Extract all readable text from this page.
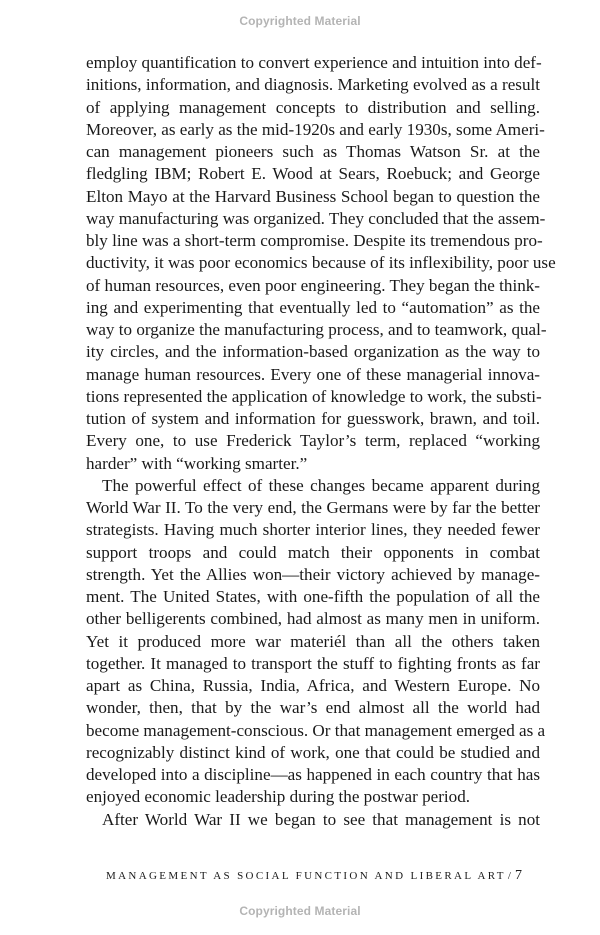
Copyrighted Material
employ quantification to convert experience and intuition into def-
initions, information, and diagnosis. Marketing evolved as a result
of applying management concepts to distribution and selling.
Moreover, as early as the mid-1920s and early 1930s, some Ameri-
can management pioneers such as Thomas Watson Sr. at the
fledgling IBM; Robert E. Wood at Sears, Roebuck; and George
Elton Mayo at the Harvard Business School began to question the
way manufacturing was organized. They concluded that the assem-
bly line was a short-term compromise. Despite its tremendous pro-
ductivity, it was poor economics because of its inflexibility, poor use
of human resources, even poor engineering. They began the think-
ing and experimenting that eventually led to “automation” as the
way to organize the manufacturing process, and to teamwork, qual-
ity circles, and the information-based organization as the way to
manage human resources. Every one of these managerial innova-
tions represented the application of knowledge to work, the substi-
tution of system and information for guesswork, brawn, and toil.
Every one, to use Frederick Taylor’s term, replaced “working
harder” with “working smarter.”
The powerful effect of these changes became apparent during
World War II. To the very end, the Germans were by far the better
strategists. Having much shorter interior lines, they needed fewer
support troops and could match their opponents in combat
strength. Yet the Allies won—their victory achieved by manage-
ment. The United States, with one-fifth the population of all the
other belligerents combined, had almost as many men in uniform.
Yet it produced more war materiél than all the others taken
together. It managed to transport the stuff to fighting fronts as far
apart as China, Russia, India, Africa, and Western Europe. No
wonder, then, that by the war’s end almost all the world had
become management-conscious. Or that management emerged as a
recognizably distinct kind of work, one that could be studied and
developed into a discipline—as happened in each country that has
enjoyed economic leadership during the postwar period.
After World War II we began to see that management is not
MANAGEMENT AS SOCIAL FUNCTION AND LIBERAL ART / 7
Copyrighted Material
